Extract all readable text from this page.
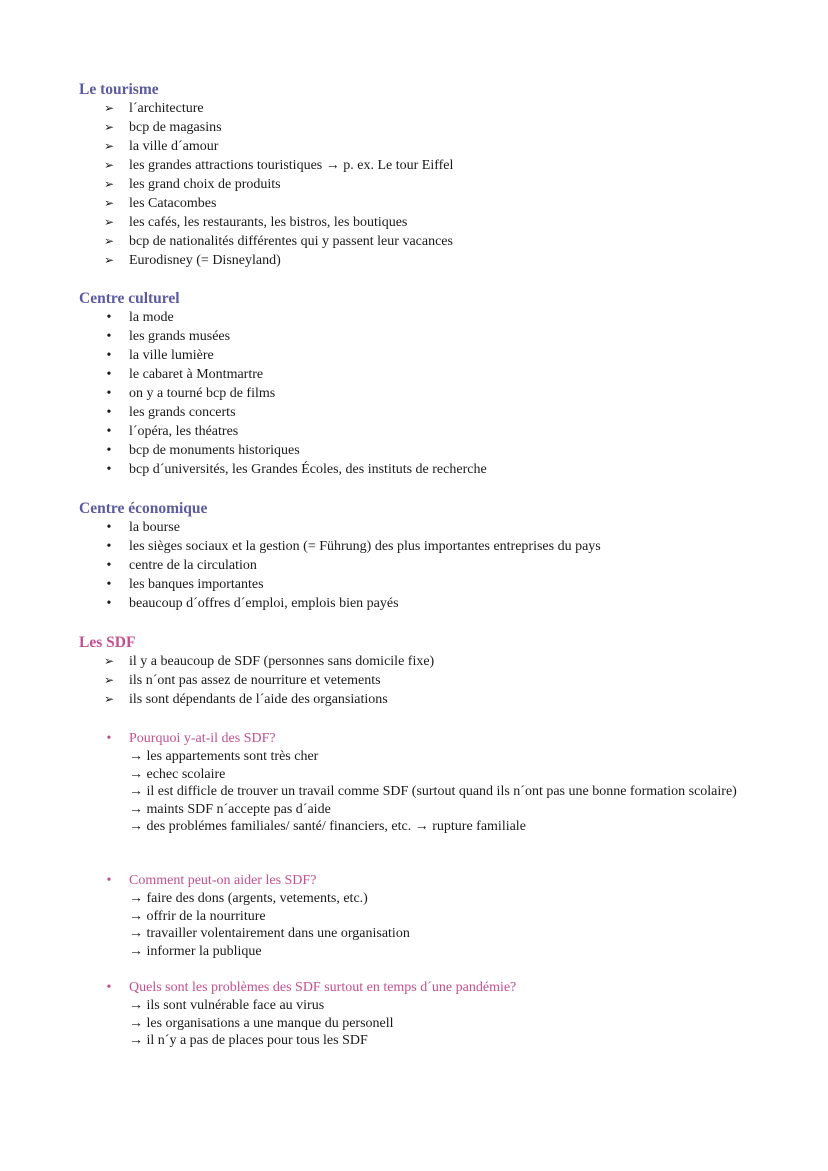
Le tourisme
➢ l´architecture
➢ bcp de magasins
➢ la ville d´amour
➢ les grandes attractions touristiques → p. ex. Le tour Eiffel
➢ les grand choix de produits
➢ les Catacombes
➢ les cafés, les restaurants, les bistros, les boutiques
➢ bcp de nationalités différentes qui y passent leur vacances
➢ Eurodisney (= Disneyland)
Centre culturel
•	la mode
•	les grands musées
•	la ville lumière
•	le cabaret à Montmartre
•	on y a tourné bcp de films
•	les grands concerts
•	l´opéra, les théatres
•	bcp de monuments historiques
•	bcp d´universités, les Grandes Écoles, des instituts de recherche
Centre économique
•	la bourse
•	les sièges sociaux et la gestion (= Führung) des plus importantes entreprises du pays
•	centre de la circulation
•	les banques importantes
•	beaucoup d´offres d´emploi, emplois bien payés
Les SDF
➢ il y a beaucoup de SDF (personnes sans domicile fixe)
➢ ils n´ont pas assez de nourriture et vetements
➢ ils sont dépendants de l´aide des organsiations
•	Pourquoi y-at-il des SDF?
→ les appartements sont très cher
→ echec scolaire
→ il est difficle de trouver un travail comme SDF (surtout quand ils n´ont pas une bonne formation scolaire)
→ maints SDF n´accepte pas d´aide
→ des problémes familiales/ santé/ financiers, etc. → rupture familiale
•	Comment peut-on aider les SDF?
→ faire des dons (argents, vetements, etc.)
→ offrir de la nourriture
→ travailler volentairement dans une organisation
→ informer la publique
•	Quels sont les problèmes des SDF surtout en temps d´une pandémie?
→ ils sont vulnérable face au virus
→ les organisations a une manque du personell
→ il n´y a pas de places pour tous les SDF
